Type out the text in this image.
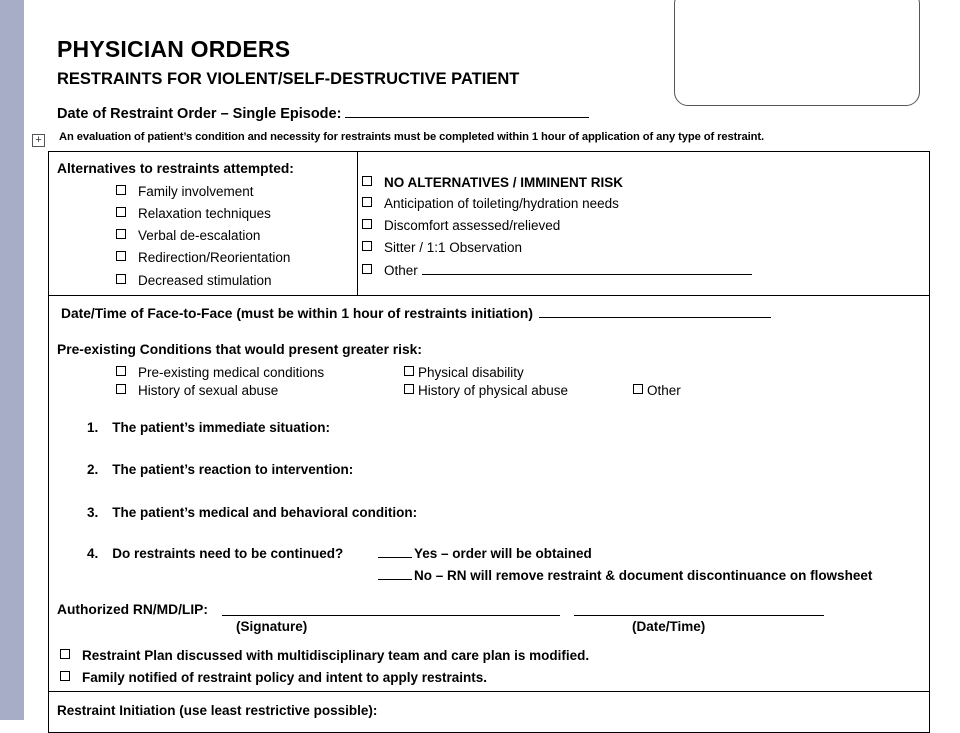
PHYSICIAN ORDERS
RESTRAINTS FOR VIOLENT/SELF-DESTRUCTIVE PATIENT
Date of Restraint Order – Single Episode:
+ An evaluation of patient’s condition and necessity for restraints must be completed within 1 hour of application of any type of restraint.
Alternatives to restraints attempted:
Family involvement
Relaxation techniques
Verbal de-escalation
Redirection/Reorientation
Decreased stimulation
NO ALTERNATIVES / IMMINENT RISK
Anticipation of toileting/hydration needs
Discomfort assessed/relieved
Sitter / 1:1 Observation
Other
Date/Time of Face-to-Face (must be within 1 hour of restraints initiation)
Pre-existing Conditions that would present greater risk:
Pre-existing medical conditions	Physical disability
History of sexual abuse	History of physical abuse	Other
1. The patient’s immediate situation:
2. The patient’s reaction to intervention:
3. The patient’s medical and behavioral condition:
4. Do restraints need to be continued?	Yes – order will be obtained
No – RN will remove restraint & document discontinuance on flowsheet
Authorized RN/MD/LIP:
(Signature)	(Date/Time)
Restraint Plan discussed with multidisciplinary team and care plan is modified.
Family notified of restraint policy and intent to apply restraints.
Restraint Initiation (use least restrictive possible):
